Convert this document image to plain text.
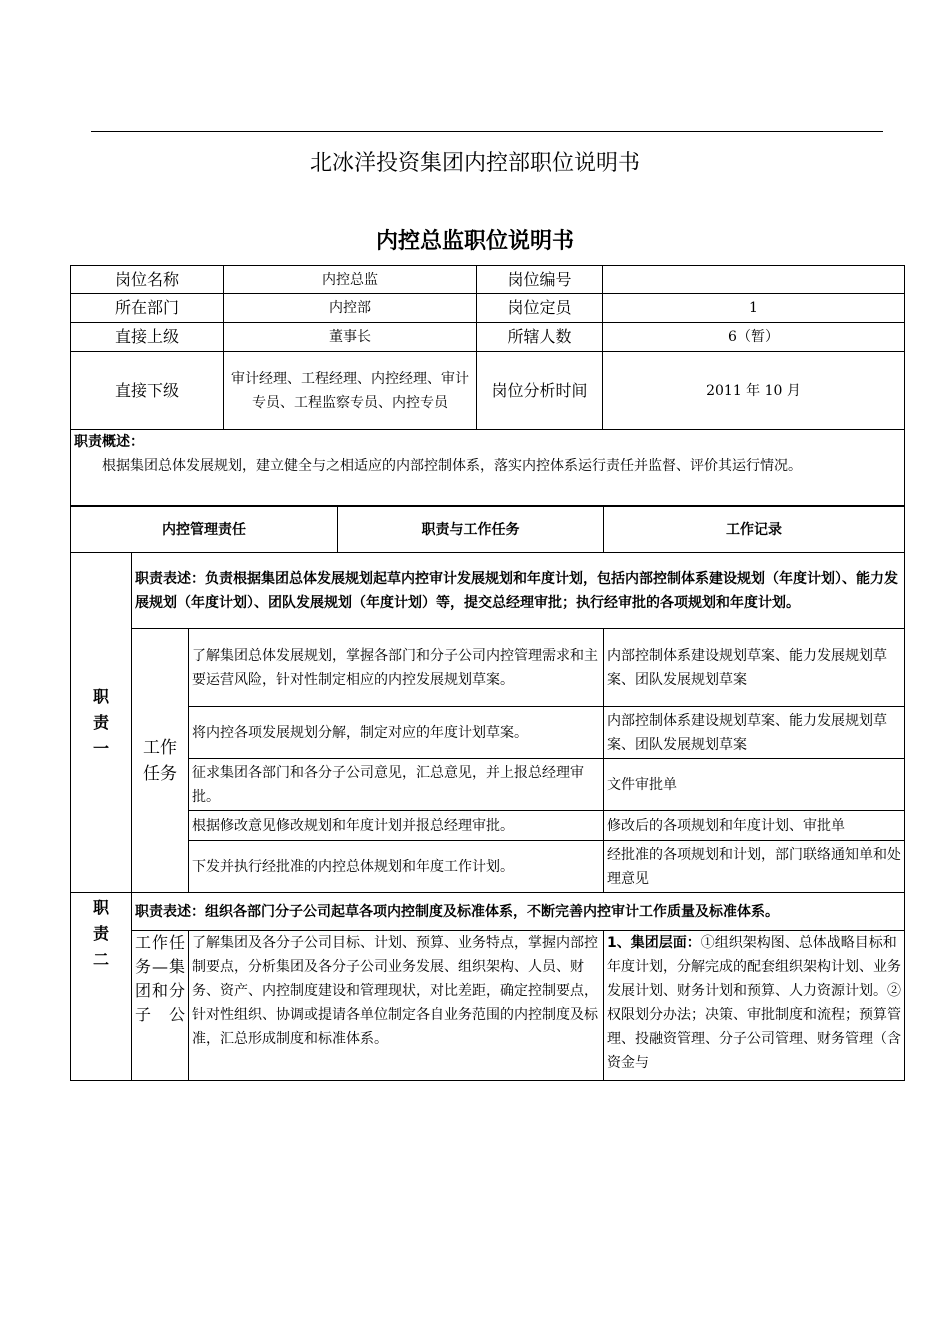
北冰洋投资集团内控部职位说明书
内控总监职位说明书
岗位名称	内控总监	岗位编号	
所在部门	内控部	岗位定员	1
直接上级	董事长	所辖人数	6（暂）
直接下级	审计经理、工程经理、内控经理、审计专员、工程监察专员、内控专员	岗位分析时间	2011 年 10 月

职责概述：
根据集团总体发展规划，建立健全与之相适应的内部控制体系，落实内控体系运行责任并监督、评价其运行情况。			
内控管理责任	职责与工作任务	工作记录
职责一	职责表述：负责根据集团总体发展规划起草内控审计发展规划和年度计划，包括内部控制体系建设规划（年度计划）、能力发展规划（年度计划）、团队发展规划（年度计划）等，提交总经理审批；执行经审批的各项规划和年度计划。		

	工作任务	了解集团总体发展规划，掌握各部门和分子公司内控管理需求和主要运营风险，针对性制定相应的内控发展规划草案。	内部控制体系建设规划草案、能力发展规划草案、团队发展规划草案
		将内控各项发展规划分解，制定对应的年度计划草案。	内部控制体系建设规划草案、能力发展规划草案、团队发展规划草案
		征求集团各部门和各分子公司意见，汇总意见，并上报总经理审批。	文件审批单
		根据修改意见修改规划和年度计划并报总经理审批。	修改后的各项规划和年度计划、审批单
		下发并执行经批准的内控总体规划和年度工作计划。	经批准的各项规划和计划，部门联络通知单和处理意见

职责二	职责表述：组织各部门分子公司起草各项内控制度及标准体系，不断完善内控审计工作质量及标准体系。		

	工作任务—集团和分子公	了解集团及各分子公司目标、计划、预算、业务特点，掌握内部控制要点，分析集团及各分子公司业务发展、组织架构、人员、财务、资产、内控制度建设和管理现状，对比差距，确定控制要点，针对性组织、协调或提请各单位制定各自业务范围的内控制度及标准，汇总形成制度和标准体系。	1、集团层面：①组织架构图、总体战略目标和年度计划，分解完成的配套组织架构计划、业务发展计划、财务计划和预算、人力资源计划。②权限划分办法；决策、审批制度和流程；预算管理、投融资管理、分子公司管理、财务管理（含资金与
